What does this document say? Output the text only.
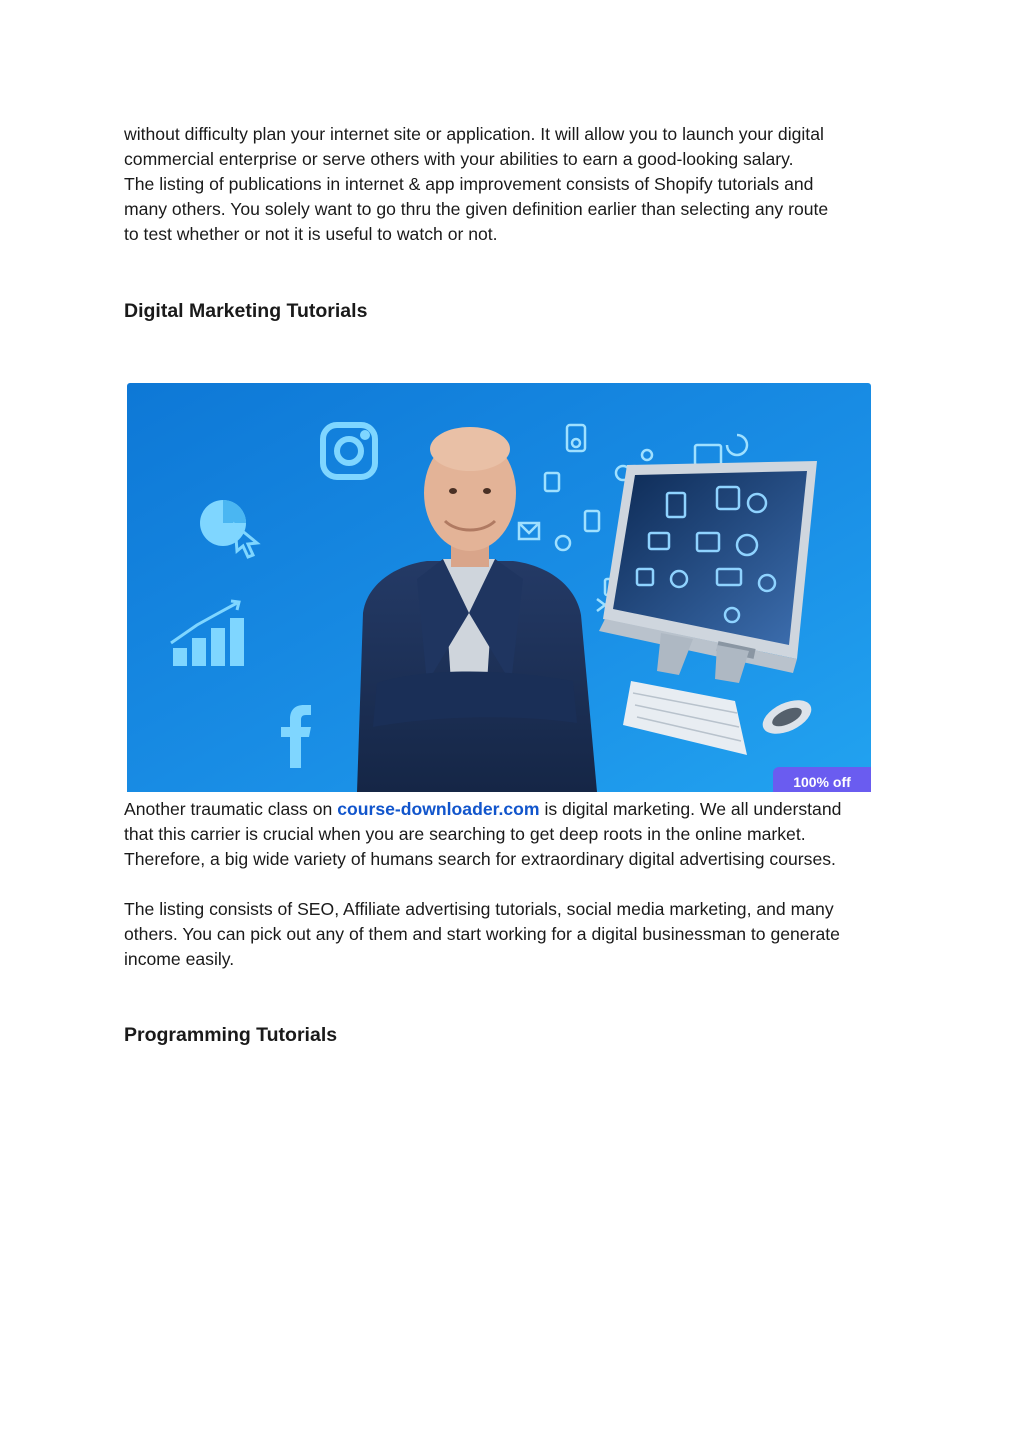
without difficulty plan your internet site or application. It will allow you to launch your digital
commercial enterprise or serve others with your abilities to earn a good-looking salary.
The listing of publications in internet & app improvement consists of Shopify tutorials and
many others. You solely want to go thru the given definition earlier than selecting any route
to test whether or not it is useful to watch or not.

Digital Marketing Tutorials
100% off

Another traumatic class on course-downloader.com is digital marketing. We all understand
that this carrier is crucial when you are searching to get deep roots in the online market.
Therefore, a big wide variety of humans search for extraordinary digital advertising courses.

The listing consists of SEO, Affiliate advertising tutorials, social media marketing, and many
others. You can pick out any of them and start working for a digital businessman to generate
income easily.

Programming Tutorials
